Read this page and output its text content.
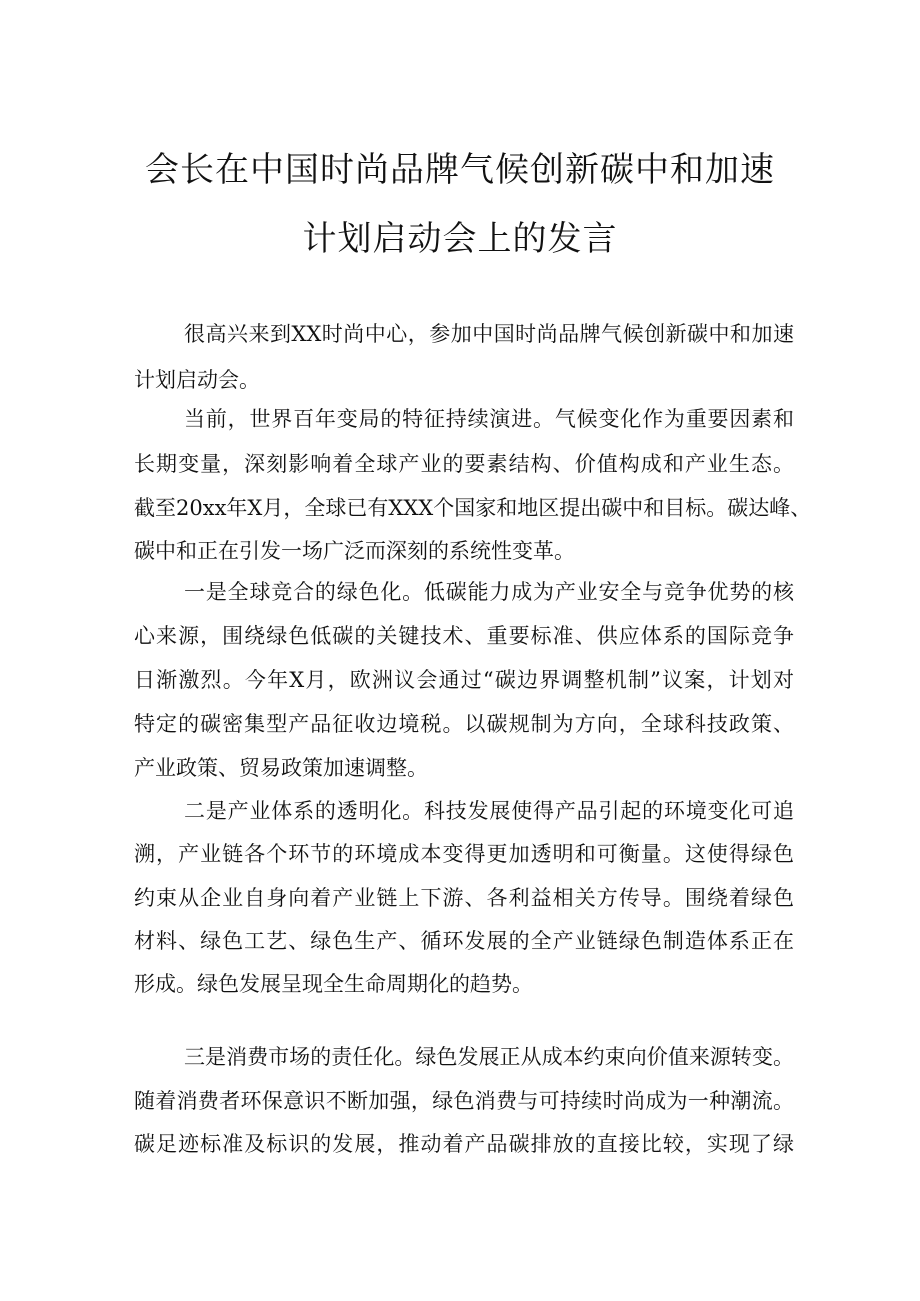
会长在中国时尚品牌气候创新碳中和加速
计划启动会上的发言
很高兴来到XX时尚中心，参加中国时尚品牌气候创新碳中和加速
计划启动会。
当前，世界百年变局的特征持续演进。气候变化作为重要因素和
长期变量，深刻影响着全球产业的要素结构、价值构成和产业生态。
截至20xx年X月，全球已有XXX个国家和地区提出碳中和目标。碳达峰、
碳中和正在引发一场广泛而深刻的系统性变革。
一是全球竞合的绿色化。低碳能力成为产业安全与竞争优势的核
心来源，围绕绿色低碳的关键技术、重要标准、供应体系的国际竞争
日渐激烈。今年X月，欧洲议会通过“碳边界调整机制”议案，计划对
特定的碳密集型产品征收边境税。以碳规制为方向，全球科技政策、
产业政策、贸易政策加速调整。
二是产业体系的透明化。科技发展使得产品引起的环境变化可追
溯，产业链各个环节的环境成本变得更加透明和可衡量。这使得绿色
约束从企业自身向着产业链上下游、各利益相关方传导。围绕着绿色
材料、绿色工艺、绿色生产、循环发展的全产业链绿色制造体系正在
形成。绿色发展呈现全生命周期化的趋势。
三是消费市场的责任化。绿色发展正从成本约束向价值来源转变。
随着消费者环保意识不断加强，绿色消费与可持续时尚成为一种潮流。
碳足迹标准及标识的发展，推动着产品碳排放的直接比较，实现了绿
